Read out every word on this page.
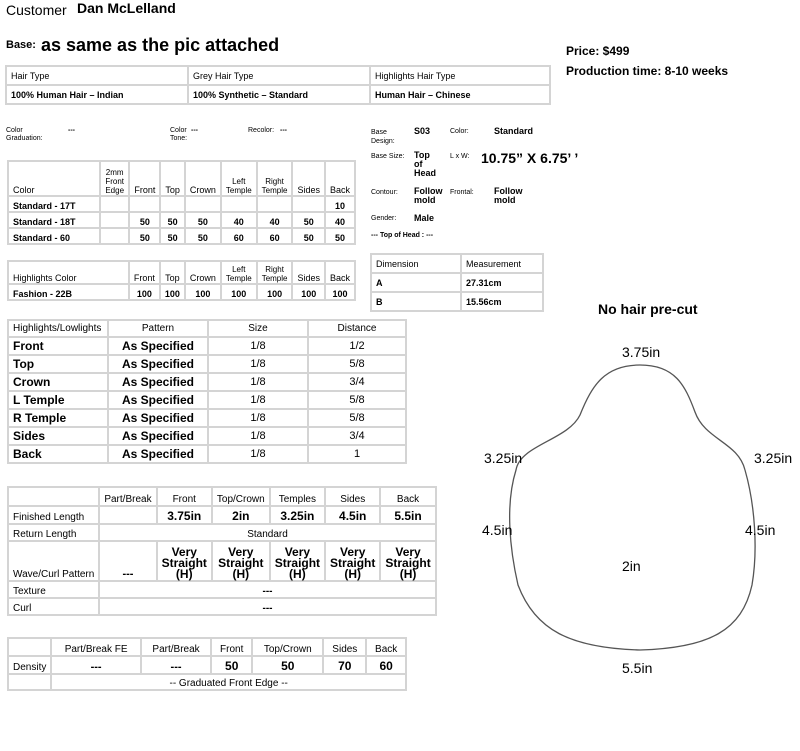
Customer Dan McLelland
Base: as same as the pic attached	Price: $499
Production time: 8-10 weeks
Hair Type	Grey Hair Type	Highlights Hair Type
100% Human Hair – Indian	100% Synthetic – Standard	Human Hair – Chinese
Color
Graduation:
---	Color
Tone:
---	Recolor: ---
Color	2mm Front Edge	Front	Top	Crown	Left Temple	Right Temple	Sides	Back
Standard - 17T								10
Standard - 18T		50	50	50	40	40	50	40
Standard - 60		50	50	50	60	60	50	50
Highlights Color	Front	Top	Crown	Left Temple	Right Temple	Sides	Back
Fashion - 22B	100	100	100	100	100	100	100
Base Design:
S03	Color:	Standard
Base Size: Top of Head
L x W: 10.75” X 6.75’ ’
Contour: Follow mold
Frontal: Follow mold
Gender: Male
--- Top of Head : ---
Dimension	Measurement
A	27.31cm
B	15.56cm
Highlights/Lowlights	Pattern	Size	Distance
Front	As Specified	1/8	1/2
Top	As Specified	1/8	5/8
Crown	As Specified	1/8	3/4
L Temple	As Specified	1/8	5/8
R Temple	As Specified	1/8	5/8
Sides	As Specified	1/8	3/4
Back	As Specified	1/8	1
	Part/Break	Front	Top/Crown	Temples	Sides	Back
Finished Length		3.75in	2in	3.25in	4.5in	5.5in
Return Length	Standard					
Wave/Curl Pattern	---	Very Straight (H)	Very Straight (H)	Very Straight (H)	Very Straight (H)	Very Straight (H)
Texture	---					
Curl	---					
	Part/Break FE	Part/Break	Front	Top/Crown	Sides	Back
Density	---	---	50	50	70	60
	-- Graduated Front Edge --					
No hair pre-cut
3.75in
3.25in	3.25in
4.5in	4.5in
2in
5.5in
